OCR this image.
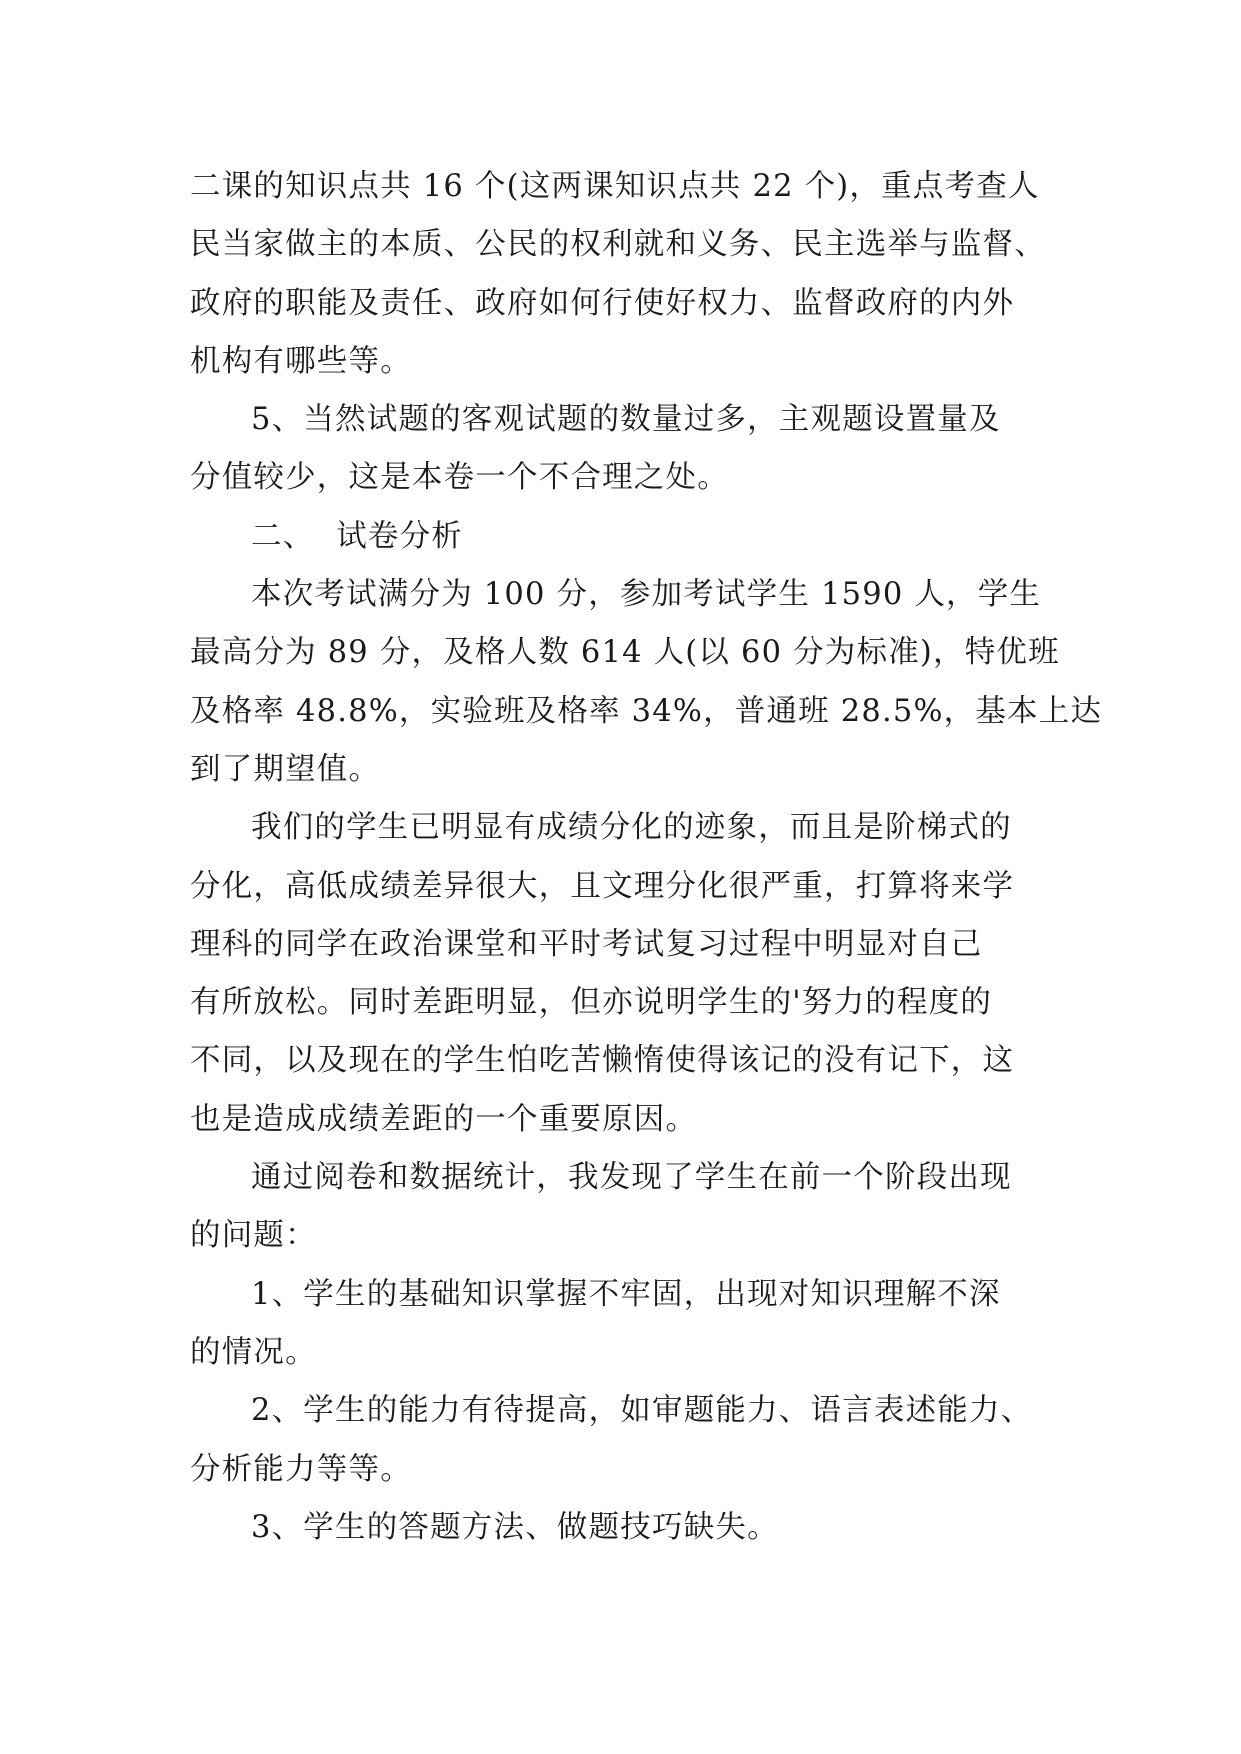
二课的知识点共 16 个(这两课知识点共 22 个)，重点考查人
民当家做主的本质、公民的权利就和义务、民主选举与监督、
政府的职能及责任、政府如何行使好权力、监督政府的内外
机构有哪些等。
5、当然试题的客观试题的数量过多，主观题设置量及
分值较少，这是本卷一个不合理之处。
二、  试卷分析
本次考试满分为 100 分，参加考试学生 1590 人，学生
最高分为 89 分，及格人数 614 人(以 60 分为标准)，特优班
及格率 48.8%，实验班及格率 34%，普通班 28.5%，基本上达
到了期望值。
我们的学生已明显有成绩分化的迹象，而且是阶梯式的
分化，高低成绩差异很大，且文理分化很严重，打算将来学
理科的同学在政治课堂和平时考试复习过程中明显对自己
有所放松。同时差距明显，但亦说明学生的'努力的程度的
不同，以及现在的学生怕吃苦懒惰使得该记的没有记下，这
也是造成成绩差距的一个重要原因。
通过阅卷和数据统计，我发现了学生在前一个阶段出现
的问题：
1、学生的基础知识掌握不牢固，出现对知识理解不深
的情况。
2、学生的能力有待提高，如审题能力、语言表述能力、
分析能力等等。
3、学生的答题方法、做题技巧缺失。
